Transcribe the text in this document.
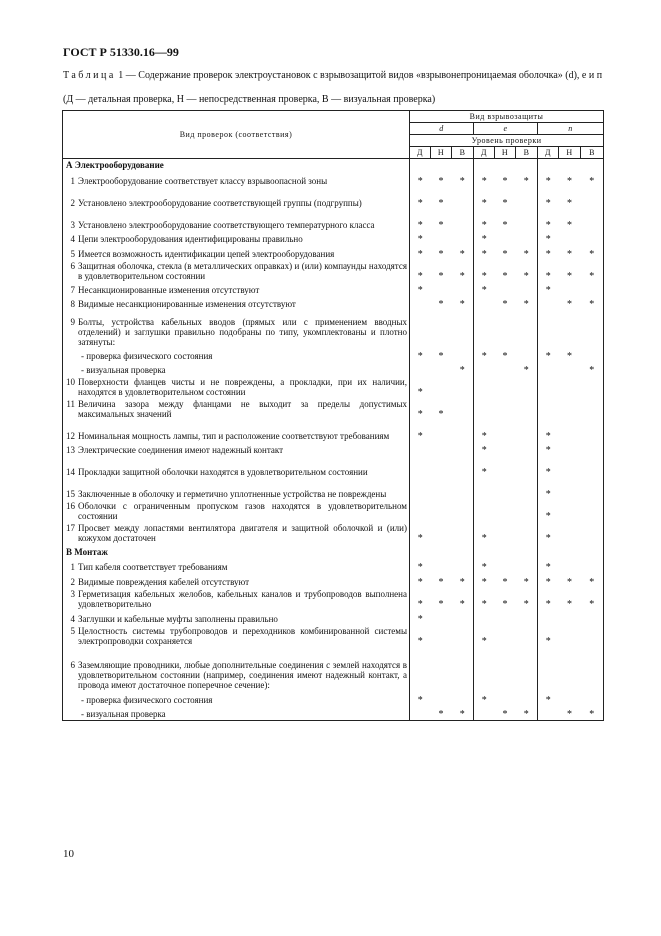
ГОСТ Р 51330.16—99
Таблица 1 — Содержание проверок электроустановок с взрывозащитой видов «взрывонепроницаемая оболочка» (d), е и п
(Д — детальная проверка, Н — непосредственная проверка, В — визуальная проверка)
Вид проверок (соответствия)	Вид взрывозащиты								
	d			e			n		
	Уровень проверки								
	Д	Н	В	Д	Н	В	Д	Н	В

А Электрооборудование									

1 Электрооборудование соответствует классу взрывоопасной зоны	*	*	*	*	*	*	*	*	*

2 Установлено электрооборудование соответствующей группы (подгруппы)	*	*		*	*		*	*	

3 Установлено электрооборудование соответствующего температурного класса	*	*		*	*		*	*	

4 Цепи электрооборудования идентифицированы правильно	*			*			*		

5 Имеется возможность идентификации цепей электрооборудования	*	*	*	*	*	*	*	*	*

6 Защитная оболочка, стекла (в металлических оправках) и (или) компаунды находятся в удовлетворительном состоянии	*	*	*	*	*	*	*	*	*

7 Несанкционированные изменения отсутствуют	*			*			*		

8 Видимые несанкционированные изменения отсутствуют		*	*		*	*		*	*

9 Болты, устройства кабельных вводов (прямых или с применением вводных отделений) и заглушки правильно подобраны по типу, укомплектованы и плотно затянуты:									

- проверка физического состояния	*	*		*	*		*	*	

- визуальная проверка			*			*			*

10 Поверхности фланцев чисты и не повреждены, а прокладки, при их наличии, находятся в удовлетворительном состоянии	*								

11 Величина зазора между фланцами не выходит за пределы допустимых максимальных значений	*	*							

12 Номинальная мощность лампы, тип и расположение соответствуют требованиям	*			*			*		

13 Электрические соединения имеют надежный контакт				*			*		

14 Прокладки защитной оболочки находятся в удовлетворительном состоянии				*			*		

15 Заключенные в оболочку и герметично уплотненные устройства не повреждены							*		

16 Оболочки с ограниченным пропуском газов находятся в удовлетворительном состоянии							*		

17 Просвет между лопастями вентилятора двигателя и защитной оболочкой и (или) кожухом достаточен	*			*			*		

В Монтаж									

1 Тип кабеля соответствует требованиям	*			*			*		

2 Видимые повреждения кабелей отсутствуют	*	*	*	*	*	*	*	*	*

3 Герметизация кабельных желобов, кабельных каналов и трубопроводов выполнена удовлетворительно	*	*	*	*	*	*	*	*	*

4 Заглушки и кабельные муфты заполнены правильно	*								

5 Целостность системы трубопроводов и переходников комбинированной системы электропроводки сохраняется	*			*			*		

6 Заземляющие проводники, любые дополнительные соединения с землей находятся в удовлетворительном состоянии (например, соединения имеют надежный контакт, а провода имеют достаточное поперечное сечение):									

- проверка физического состояния	*			*			*		

- визуальная проверка		*	*		*	*		*	*
10
